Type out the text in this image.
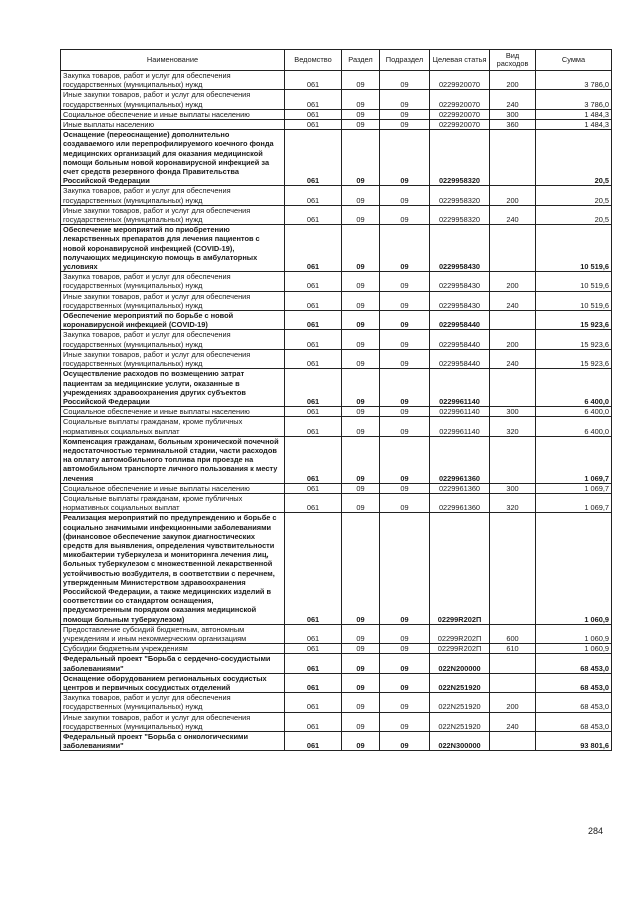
Наименование	Ведомство	Раздел	Подраздел	Целевая статья	Вид расходов	Сумма
Закупка товаров, работ и услуг для обеспечения государственных (муниципальных) нужд	061	09	09	0229920070	200	3 786,0
Иные закупки товаров, работ и услуг для обеспечения государственных (муниципальных) нужд	061	09	09	0229920070	240	3 786,0
Социальное обеспечение и иные выплаты населению	061	09	09	0229920070	300	1 484,3
Иные выплаты населению	061	09	09	0229920070	360	1 484,3
Оснащение (переоснащение) дополнительно создаваемого или перепрофилируемого коечного фонда медицинских организаций для оказания медицинской помощи больным новой коронавирусной инфекцией за счет средств резервного фонда Правительства Российской Федерации	061	09	09	0229958320		20,5
Закупка товаров, работ и услуг для обеспечения государственных (муниципальных) нужд	061	09	09	0229958320	200	20,5
Иные закупки товаров, работ и услуг для обеспечения государственных (муниципальных) нужд	061	09	09	0229958320	240	20,5
Обеспечение мероприятий по приобретению лекарственных препаратов для лечения пациентов с новой коронавирусной инфекцией (COVID-19), получающих медицинскую помощь в амбулаторных условиях	061	09	09	0229958430		10 519,6
Закупка товаров, работ и услуг для обеспечения государственных (муниципальных) нужд	061	09	09	0229958430	200	10 519,6
Иные закупки товаров, работ и услуг для обеспечения государственных (муниципальных) нужд	061	09	09	0229958430	240	10 519,6
Обеспечение мероприятий по борьбе с новой коронавирусной инфекцией (COVID-19)	061	09	09	0229958440		15 923,6
Закупка товаров, работ и услуг для обеспечения государственных (муниципальных) нужд	061	09	09	0229958440	200	15 923,6
Иные закупки товаров, работ и услуг для обеспечения государственных (муниципальных) нужд	061	09	09	0229958440	240	15 923,6
Осуществление расходов по возмещению затрат пациентам за медицинские услуги, оказанные в учреждениях здравоохранения других субъектов Российской Федерации	061	09	09	0229961140		6 400,0
Социальное обеспечение и иные выплаты населению	061	09	09	0229961140	300	6 400,0
Социальные выплаты гражданам, кроме публичных нормативных социальных выплат	061	09	09	0229961140	320	6 400,0
Компенсация гражданам, больным хронической почечной недостаточностью терминальной стадии, части расходов на оплату автомобильного топлива при проезде на автомобильном транспорте личного пользования к месту лечения	061	09	09	0229961360		1 069,7
Социальное обеспечение и иные выплаты населению	061	09	09	0229961360	300	1 069,7
Социальные выплаты гражданам, кроме публичных нормативных социальных выплат	061	09	09	0229961360	320	1 069,7
Реализация мероприятий по предупреждению и борьбе с социально значимыми инфекционными заболеваниями (финансовое обеспечение закупок диагностических средств для выявления, определения чувствительности микобактерии туберкулеза и мониторинга лечения лиц, больных туберкулезом с множественной лекарственной устойчивостью возбудителя, в соответствии с перечнем, утвержденным Министерством здравоохранения Российской Федерации, а также медицинских изделий в соответствии со стандартом оснащения, предусмотренным порядком оказания медицинской помощи больным туберкулезом)	061	09	09	02299R202П		1 060,9
Предоставление субсидий бюджетным, автономным учреждениям и иным некоммерческим организациям	061	09	09	02299R202П	600	1 060,9
Субсидии бюджетным учреждениям	061	09	09	02299R202П	610	1 060,9
Федеральный проект "Борьба с сердечно-сосудистыми заболеваниями"	061	09	09	022N200000		68 453,0
Оснащение оборудованием региональных сосудистых центров и первичных сосудистых отделений	061	09	09	022N251920		68 453,0
Закупка товаров, работ и услуг для обеспечения государственных (муниципальных) нужд	061	09	09	022N251920	200	68 453,0
Иные закупки товаров, работ и услуг для обеспечения государственных (муниципальных) нужд	061	09	09	022N251920	240	68 453,0
Федеральный проект "Борьба с онкологическими заболеваниями"	061	09	09	022N300000		93 801,6
284
